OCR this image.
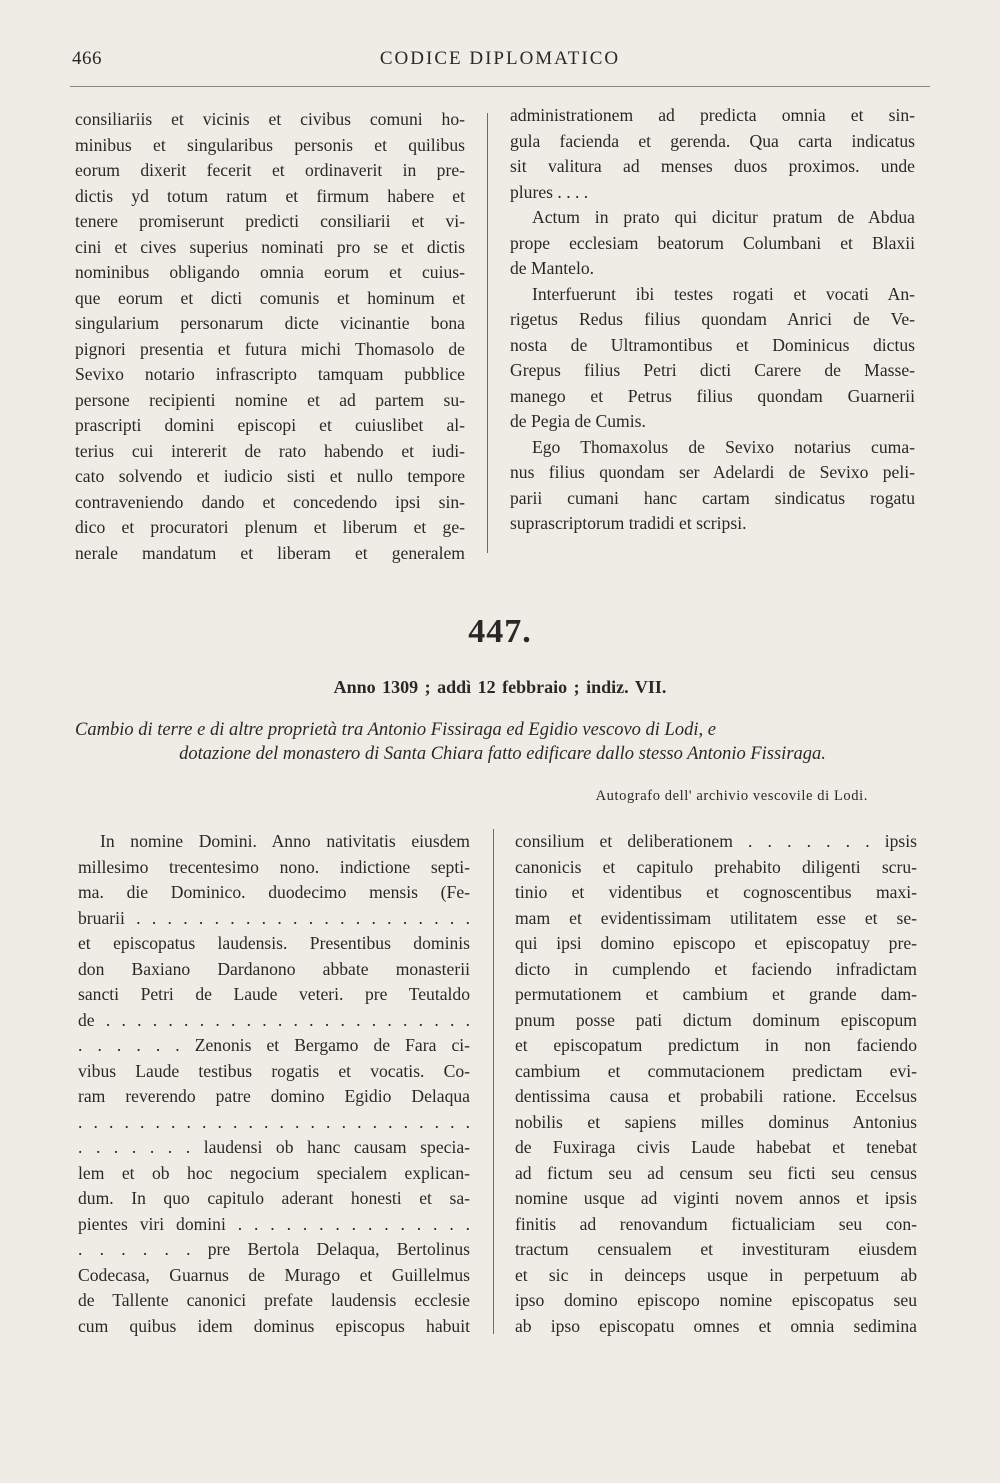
466	CODICE DIPLOMATICO

consiliariis et vicinis et civibus comuni ho-

minibus et singularibus personis et quilibus

eorum dixerit fecerit et ordinaverit in pre-

dictis yd totum ratum et firmum habere et

tenere promiserunt predicti consiliarii et vi-

cini et cives superius nominati pro se et dictis

nominibus obligando omnia eorum et cuius-

que eorum et dicti comunis et hominum et

singularium personarum dicte vicinantie bona

pignori presentia et futura michi Thomasolo de

Sevixo notario infrascripto tamquam pubblice

persone recipienti nomine et ad partem su-

prascripti domini episcopi et cuiuslibet al-

terius cui intererit de rato habendo et iudi-

cato solvendo et iudicio sisti et nullo tempore

contraveniendo dando et concedendo ipsi sin-

dico et procuratori plenum et liberum et ge-

nerale mandatum et liberam et generalem

administrationem ad predicta omnia et sin-

gula facienda et gerenda. Qua carta indicatus

sit valitura ad menses duos proximos. unde

plures . . . .

Actum in prato qui dicitur pratum de Abdua

prope ecclesiam beatorum Columbani et Blaxii

de Mantelo.

Interfuerunt ibi testes rogati et vocati An-

rigetus Redus filius quondam Anrici de Ve-

nosta de Ultramontibus et Dominicus dictus

Grepus filius Petri dicti Carere de Masse-

manego et Petrus filius quondam Guarnerii

de Pegia de Cumis.

Ego Thomaxolus de Sevixo notarius cuma-

nus filius quondam ser Adelardi de Sevixo peli-

parii cumani hanc cartam sindicatus rogatu

suprascriptorum tradidi et scripsi.

447.
Anno 1309 ; addì 12 febbraio ; indiz. VII.
Cambio di terre e di altre proprietà tra Antonio Fissiraga ed Egidio vescovo di Lodi, e
dotazione del monastero di Santa Chiara fatto edificare dallo stesso Antonio Fissiraga.
Autografo dell' archivio vescovile di Lodi.

In nomine Domini. Anno nativitatis eiusdem

millesimo trecentesimo nono. indictione septi-

ma. die Dominico. duodecimo mensis (Fe-

bruarii . . . . . . . . . . . . . . . . . . . . . .

et episcopatus laudensis. Presentibus dominis

don Baxiano Dardanono abbate monasterii

sancti Petri de Laude veteri. pre Teutaldo

de . . . . . . . . . . . . . . . . . . . . . . . .

. . . . . . Zenonis et Bergamo de Fara ci-

vibus Laude testibus rogatis et vocatis. Co-

ram reverendo patre domino Egidio Delaqua

. . . . . . . . . . . . . . . . . . . . . . . . . .

. . . . . . . laudensi ob hanc causam specia-

lem et ob hoc negocium specialem explican-

dum. In quo capitulo aderant honesti et sa-

pientes viri domini . . . . . . . . . . . . . . .

. . . . . . pre Bertola Delaqua, Bertolinus

Codecasa, Guarnus de Murago et Guillelmus

de Tallente canonici prefate laudensis ecclesie

cum quibus idem dominus episcopus habuit

consilium et deliberationem . . . . . . . ipsis

canonicis et capitulo prehabito diligenti scru-

tinio et videntibus et cognoscentibus maxi-

mam et evidentissimam utilitatem esse et se-

qui ipsi domino episcopo et episcopatuy pre-

dicto in cumplendo et faciendo infradictam

permutationem et cambium et grande dam-

pnum posse pati dictum dominum episcopum

et episcopatum predictum in non faciendo

cambium et commutacionem predictam evi-

dentissima causa et probabili ratione. Eccelsus

nobilis et sapiens milles dominus Antonius

de Fuxiraga civis Laude habebat et tenebat

ad fictum seu ad censum seu ficti seu census

nomine usque ad viginti novem annos et ipsis

finitis ad renovandum fictualiciam seu con-

tractum censualem et investituram eiusdem

et sic in deinceps usque in perpetuum ab

ipso domino episcopo nomine episcopatus seu

ab ipso episcopatu omnes et omnia sedimina
